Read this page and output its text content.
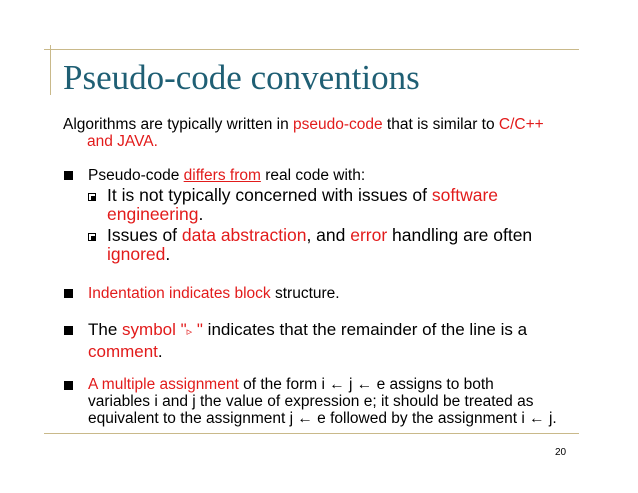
Pseudo-code conventions
Algorithms are typically written in pseudo-code that is similar to C/C++
and JAVA.
Pseudo-code differs from real code with:
It is not typically concerned with issues of software
engineering.
Issues of data abstraction, and error handling are often
ignored.
Indentation indicates block structure.
The symbol "▹ " indicates that the remainder of the line is a
comment.
A multiple assignment of the form i ← j ← e assigns to both
variables i and j the value of expression e; it should be treated as
equivalent to the assignment j ← e followed by the assignment i ← j.
20
